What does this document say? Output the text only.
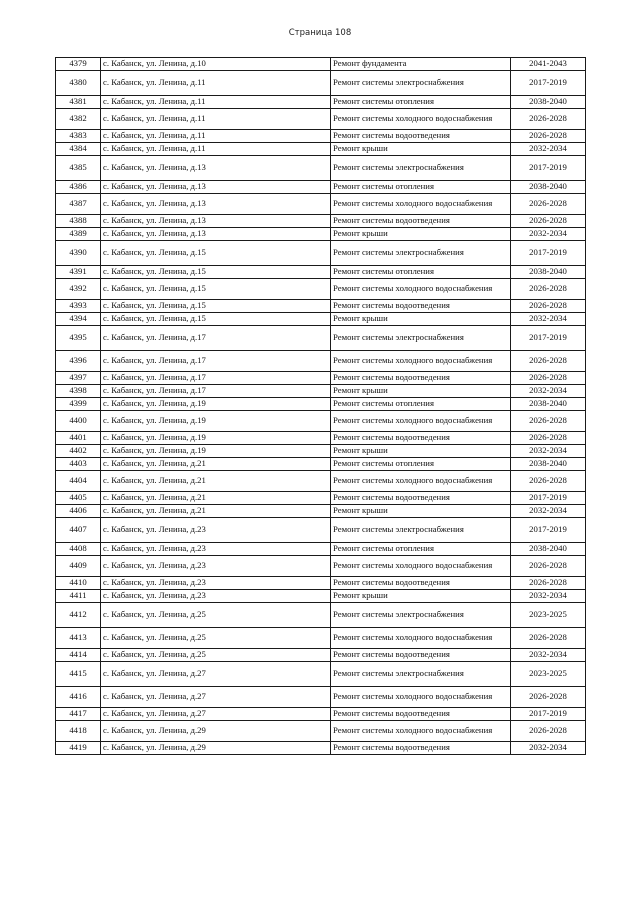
Страница 108
4379	с. Кабанск, ул. Ленина, д.10	Ремонт фундамента	2041-2043
4380	с. Кабанск, ул. Ленина, д.11	Ремонт системы электроснабжения	2017-2019
4381	с. Кабанск, ул. Ленина, д.11	Ремонт системы отопления	2038-2040
4382	с. Кабанск, ул. Ленина, д.11	Ремонт системы холодного водоснабжения	2026-2028
4383	с. Кабанск, ул. Ленина, д.11	Ремонт системы водоотведения	2026-2028
4384	с. Кабанск, ул. Ленина, д.11	Ремонт крыши	2032-2034
4385	с. Кабанск, ул. Ленина, д.13	Ремонт системы электроснабжения	2017-2019
4386	с. Кабанск, ул. Ленина, д.13	Ремонт системы отопления	2038-2040
4387	с. Кабанск, ул. Ленина, д.13	Ремонт системы холодного водоснабжения	2026-2028
4388	с. Кабанск, ул. Ленина, д.13	Ремонт системы водоотведения	2026-2028
4389	с. Кабанск, ул. Ленина, д.13	Ремонт крыши	2032-2034
4390	с. Кабанск, ул. Ленина, д.15	Ремонт системы электроснабжения	2017-2019
4391	с. Кабанск, ул. Ленина, д.15	Ремонт системы отопления	2038-2040
4392	с. Кабанск, ул. Ленина, д.15	Ремонт системы холодного водоснабжения	2026-2028
4393	с. Кабанск, ул. Ленина, д.15	Ремонт системы водоотведения	2026-2028
4394	с. Кабанск, ул. Ленина, д.15	Ремонт крыши	2032-2034
4395	с. Кабанск, ул. Ленина, д.17	Ремонт системы электроснабжения	2017-2019
4396	с. Кабанск, ул. Ленина, д.17	Ремонт системы холодного водоснабжения	2026-2028
4397	с. Кабанск, ул. Ленина, д.17	Ремонт системы водоотведения	2026-2028
4398	с. Кабанск, ул. Ленина, д.17	Ремонт крыши	2032-2034
4399	с. Кабанск, ул. Ленина, д.19	Ремонт системы отопления	2038-2040
4400	с. Кабанск, ул. Ленина, д.19	Ремонт системы холодного водоснабжения	2026-2028
4401	с. Кабанск, ул. Ленина, д.19	Ремонт системы водоотведения	2026-2028
4402	с. Кабанск, ул. Ленина, д.19	Ремонт крыши	2032-2034
4403	с. Кабанск, ул. Ленина, д.21	Ремонт системы отопления	2038-2040
4404	с. Кабанск, ул. Ленина, д.21	Ремонт системы холодного водоснабжения	2026-2028
4405	с. Кабанск, ул. Ленина, д.21	Ремонт системы водоотведения	2017-2019
4406	с. Кабанск, ул. Ленина, д.21	Ремонт крыши	2032-2034
4407	с. Кабанск, ул. Ленина, д.23	Ремонт системы электроснабжения	2017-2019
4408	с. Кабанск, ул. Ленина, д.23	Ремонт системы отопления	2038-2040
4409	с. Кабанск, ул. Ленина, д.23	Ремонт системы холодного водоснабжения	2026-2028
4410	с. Кабанск, ул. Ленина, д.23	Ремонт системы водоотведения	2026-2028
4411	с. Кабанск, ул. Ленина, д.23	Ремонт крыши	2032-2034
4412	с. Кабанск, ул. Ленина, д.25	Ремонт системы электроснабжения	2023-2025
4413	с. Кабанск, ул. Ленина, д.25	Ремонт системы холодного водоснабжения	2026-2028
4414	с. Кабанск, ул. Ленина, д.25	Ремонт системы водоотведения	2032-2034
4415	с. Кабанск, ул. Ленина, д.27	Ремонт системы электроснабжения	2023-2025
4416	с. Кабанск, ул. Ленина, д.27	Ремонт системы холодного водоснабжения	2026-2028
4417	с. Кабанск, ул. Ленина, д.27	Ремонт системы водоотведения	2017-2019
4418	с. Кабанск, ул. Ленина, д.29	Ремонт системы холодного водоснабжения	2026-2028
4419	с. Кабанск, ул. Ленина, д.29	Ремонт системы водоотведения	2032-2034
